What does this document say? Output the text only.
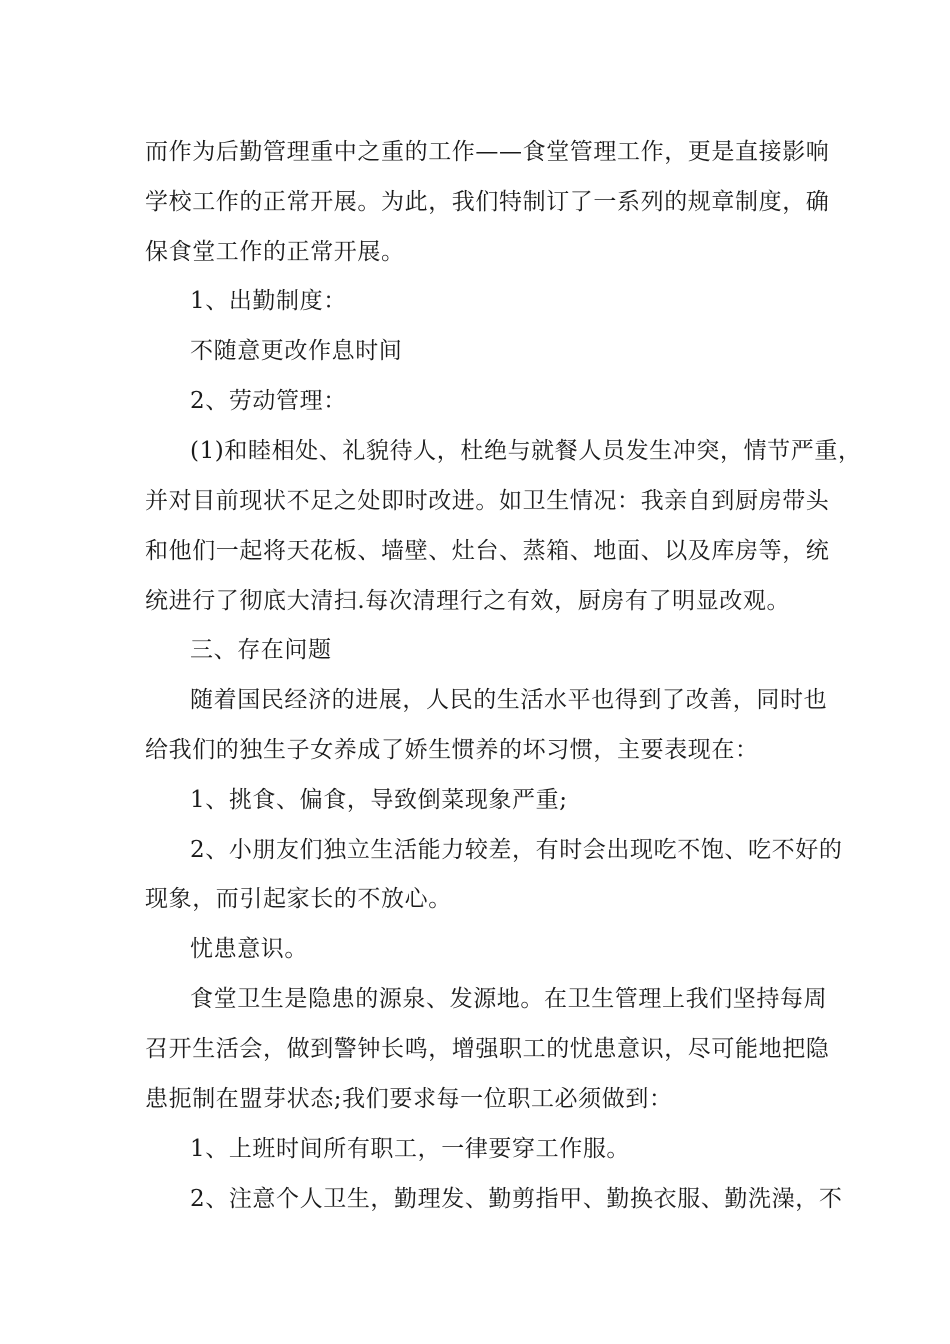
而作为后勤管理重中之重的工作——食堂管理工作，更是直接影响
学校工作的正常开展。为此，我们特制订了一系列的规章制度，确
保食堂工作的正常开展。
1、出勤制度：
不随意更改作息时间
2、劳动管理：
(1)和睦相处、礼貌待人，杜绝与就餐人员发生冲突，情节严重，
并对目前现状不足之处即时改进。如卫生情况：我亲自到厨房带头
和他们一起将天花板、墙壁、灶台、蒸箱、地面、以及库房等，统
统进行了彻底大清扫.每次清理行之有效，厨房有了明显改观。
三、存在问题
随着国民经济的进展，人民的生活水平也得到了改善，同时也
给我们的独生子女养成了娇生惯养的坏习惯，主要表现在：
1、挑食、偏食，导致倒菜现象严重;
2、小朋友们独立生活能力较差，有时会出现吃不饱、吃不好的
现象，而引起家长的不放心。
忧患意识。
食堂卫生是隐患的源泉、发源地。在卫生管理上我们坚持每周
召开生活会，做到警钟长鸣，增强职工的忧患意识，尽可能地把隐
患扼制在盟芽状态;我们要求每一位职工必须做到：
1、上班时间所有职工，一律要穿工作服。
2、注意个人卫生，勤理发、勤剪指甲、勤换衣服、勤洗澡，不
